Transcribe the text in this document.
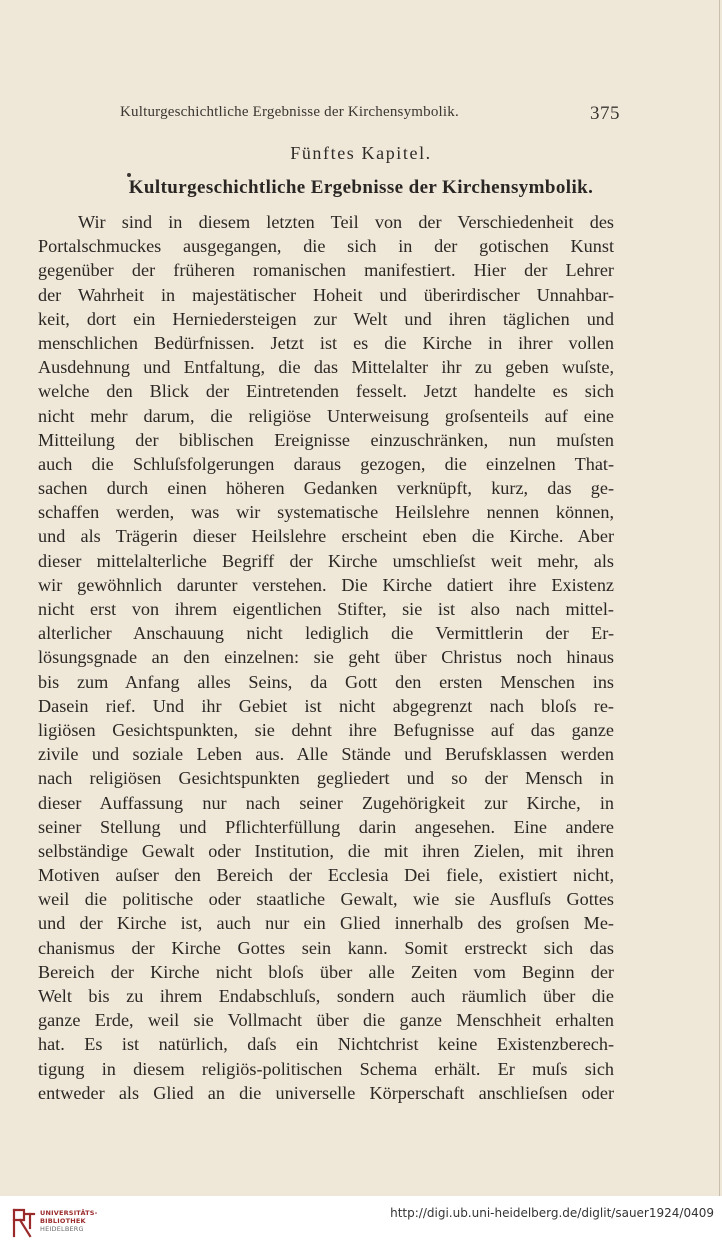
Kulturgeschichtliche Ergebnisse der Kirchensymbolik.	375
Fünftes Kapitel.
Kulturgeschichtliche Ergebnisse der Kirchensymbolik.
Wir sind in diesem letzten Teil von der Verschiedenheit des
Portalschmuckes ausgegangen, die sich in der gotischen Kunst
gegenüber der früheren romanischen manifestiert. Hier der Lehrer
der Wahrheit in majestätischer Hoheit und überirdischer Unnahbar-
keit, dort ein Herniedersteigen zur Welt und ihren täglichen und
menschlichen Bedürfnissen. Jetzt ist es die Kirche in ihrer vollen
Ausdehnung und Entfaltung, die das Mittelalter ihr zu geben wuſste,
welche den Blick der Eintretenden fesselt. Jetzt handelte es sich
nicht mehr darum, die religiöse Unterweisung groſsenteils auf eine
Mitteilung der biblischen Ereignisse einzuschränken, nun muſsten
auch die Schluſsfolgerungen daraus gezogen, die einzelnen That-
sachen durch einen höheren Gedanken verknüpft, kurz, das ge-
schaffen werden, was wir systematische Heilslehre nennen können,
und als Trägerin dieser Heilslehre erscheint eben die Kirche. Aber
dieser mittelalterliche Begriff der Kirche umschlieſst weit mehr, als
wir gewöhnlich darunter verstehen. Die Kirche datiert ihre Existenz
nicht erst von ihrem eigentlichen Stifter, sie ist also nach mittel-
alterlicher Anschauung nicht lediglich die Vermittlerin der Er-
lösungsgnade an den einzelnen: sie geht über Christus noch hinaus
bis zum Anfang alles Seins, da Gott den ersten Menschen ins
Dasein rief. Und ihr Gebiet ist nicht abgegrenzt nach bloſs re-
ligiösen Gesichtspunkten, sie dehnt ihre Befugnisse auf das ganze
zivile und soziale Leben aus. Alle Stände und Berufsklassen werden
nach religiösen Gesichtspunkten gegliedert und so der Mensch in
dieser Auffassung nur nach seiner Zugehörigkeit zur Kirche, in
seiner Stellung und Pflichterfüllung darin angesehen. Eine andere
selbständige Gewalt oder Institution, die mit ihren Zielen, mit ihren
Motiven auſser den Bereich der Ecclesia Dei fiele, existiert nicht,
weil die politische oder staatliche Gewalt, wie sie Ausfluſs Gottes
und der Kirche ist, auch nur ein Glied innerhalb des groſsen Me-
chanismus der Kirche Gottes sein kann. Somit erstreckt sich das
Bereich der Kirche nicht bloſs über alle Zeiten vom Beginn der
Welt bis zu ihrem Endabschluſs, sondern auch räumlich über die
ganze Erde, weil sie Vollmacht über die ganze Menschheit erhalten
hat. Es ist natürlich, daſs ein Nichtchrist keine Existenzberech-
tigung in diesem religiös-politischen Schema erhält. Er muſs sich
entweder als Glied an die universelle Körperschaft anschlieſsen oder
UNIVERSITÄTS-
BIBLIOTHEK
HEIDELBERG
http://digi.ub.uni-heidelberg.de/diglit/sauer1924/0409
